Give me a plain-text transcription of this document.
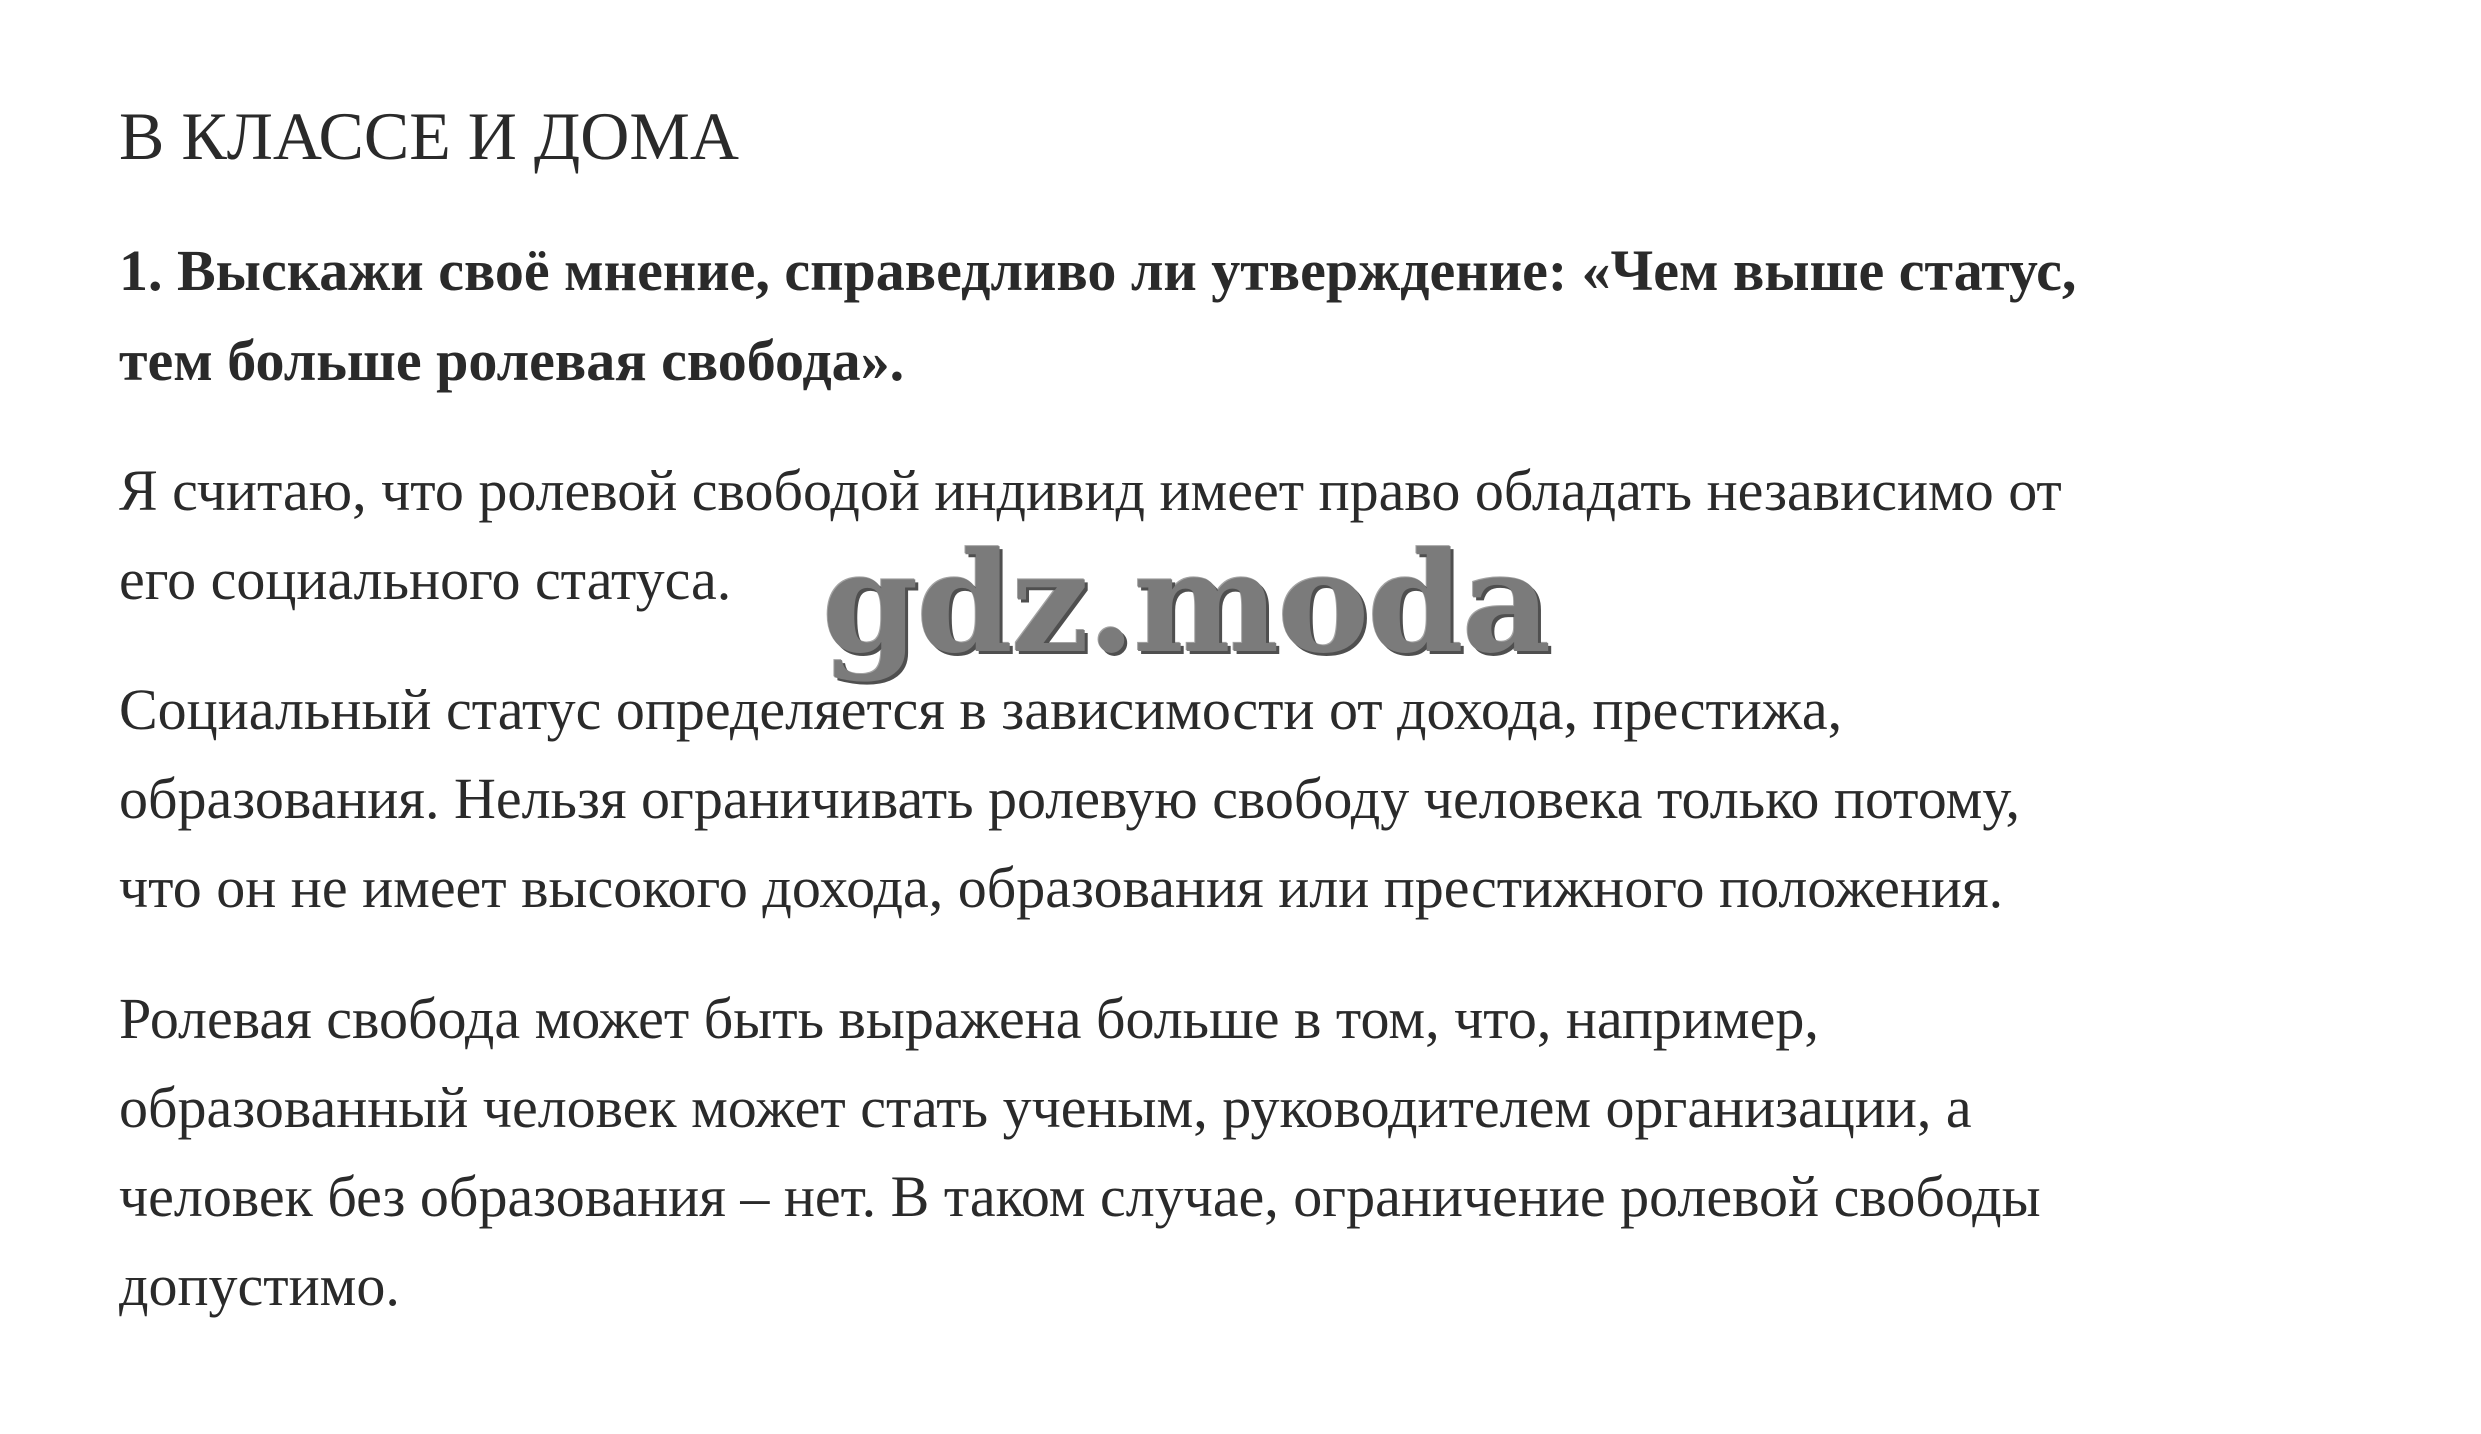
В КЛАССЕ И ДОМА

1. Выскажи своё мнение, справедливо ли утверждение: «Чем выше статус,
тем больше ролевая свобода».

Я считаю, что ролевой свободой индивид имеет право обладать независимо от
его социального статуса.

Социальный статус определяется в зависимости от дохода, престижа,
образования. Нельзя ограничивать ролевую свободу человека только потому,
что он не имеет высокого дохода, образования или престижного положения.

Ролевая свобода может быть выражена больше в том, что, например,
образованный человек может стать ученым, руководителем организации, а
человек без образования – нет. В таком случае, ограничение ролевой свободы
допустимо.

gdz.moda
